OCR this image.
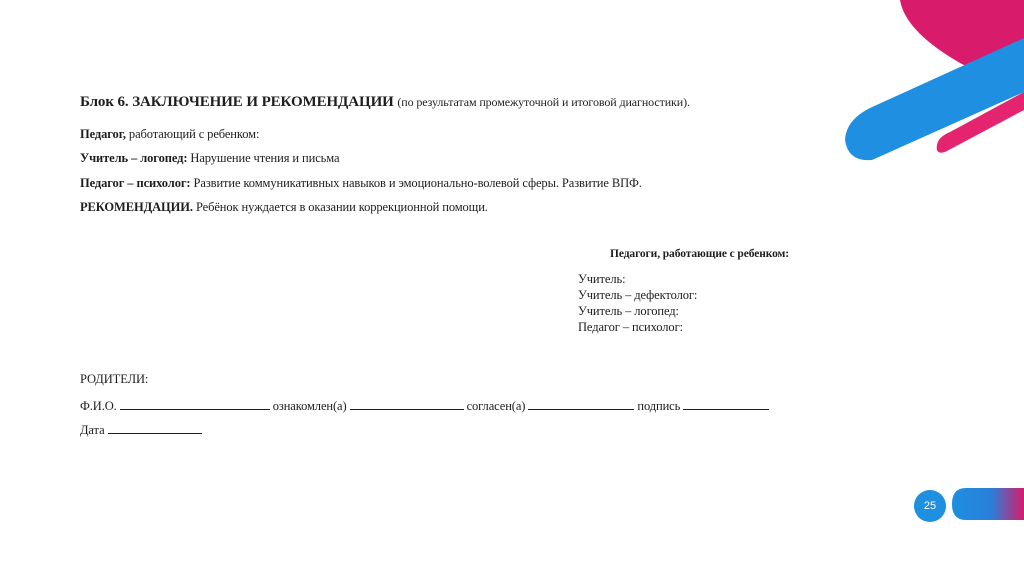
Блок 6. ЗАКЛЮЧЕНИЕ И РЕКОМЕНДАЦИИ (по результатам промежуточной и итоговой диагностики).
Педагог, работающий с ребенком:
Учитель – логопед: Нарушение чтения и письма
Педагог – психолог: Развитие коммуникативных навыков и эмоционально-волевой сферы. Развитие ВПФ.
РЕКОМЕНДАЦИИ. Ребёнок нуждается в оказании коррекционной помощи.
Педагоги, работающие с ребенком:
Учитель:
Учитель – дефектолог:
Учитель – логопед:
Педагог – психолог:
РОДИТЕЛИ:
Ф.И.О.	ознакомлен(а)	согласен(а)	подпись
Дата
25
